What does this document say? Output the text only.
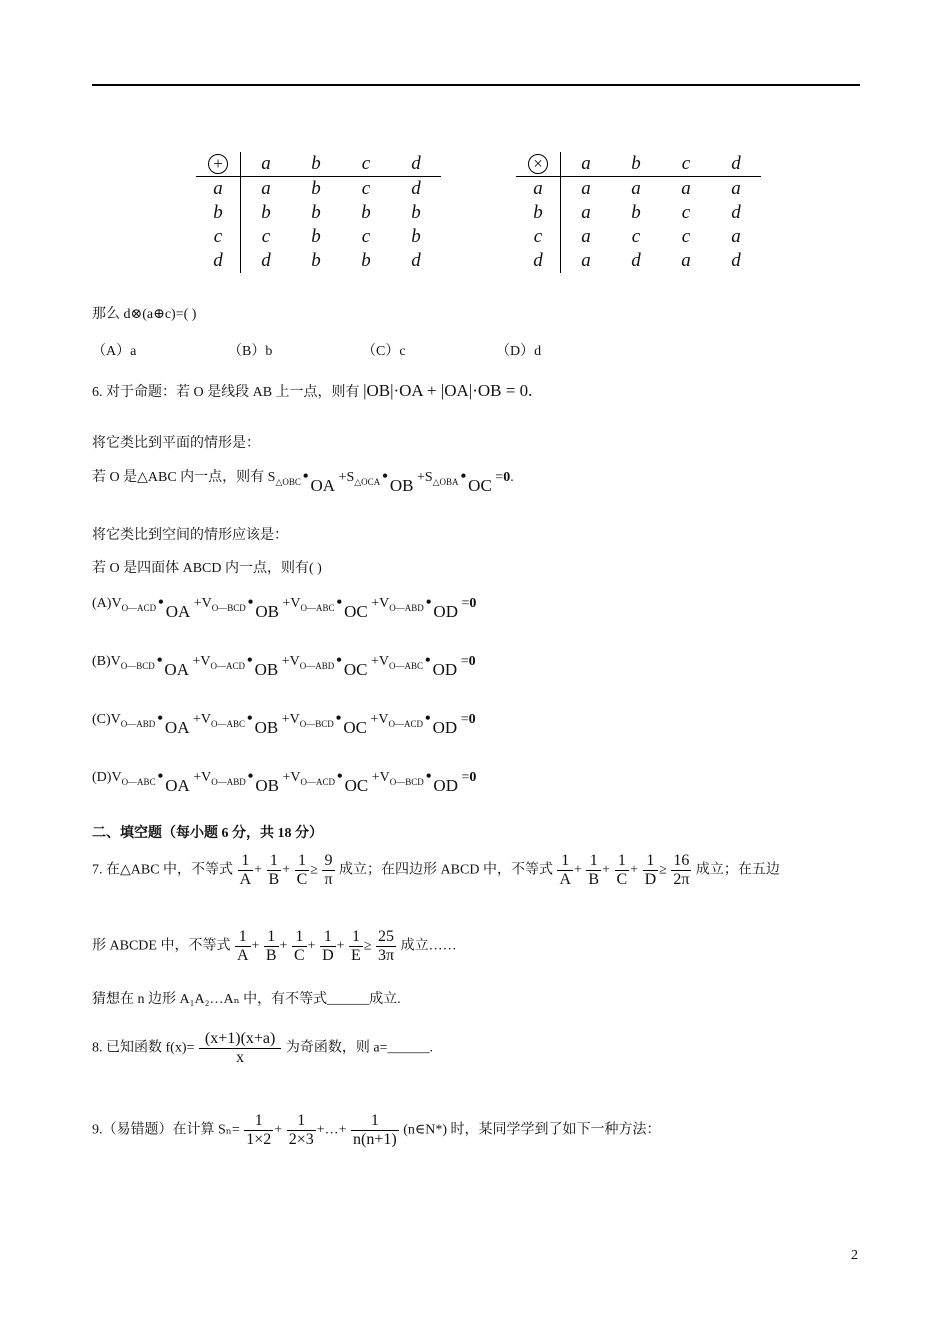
+	a	b	c	d
a	a	b	c	d
b	b	b	b	b
c	c	b	c	b
d	d	b	b	d
×	a	b	c	d
a	a	a	a	a
b	a	b	c	d
c	a	c	c	a
d	a	d	a	d
那么 d⊗(a⊕c)=( )
（A）a	（B）b	（C）c	（D）d
6. 对于命题：若 O 是线段 AB 上一点，则有 |OB|·OA + |OA|·OB = 0.
将它类比到平面的情形是：
若 O 是△ABC 内一点，则有 $S_{\triangle OBC}$ • OA $+S_{\triangle OCA}$ • OB $+S_{\triangle OBA}$ • OC =0.
将它类比到空间的情形应该是：
若 O 是四面体 ABCD 内一点，则有( )
$(A)V_{O—ACD}$ • OA $+V_{O—BCD}$ • OB $+V_{O—ABC}$ • OC $+V_{O—ABD}$ • OD =0
$(B)V_{O—BCD}$ • OA $+V_{O—ACD}$ • OB $+V_{O—ABD}$ • OC $+V_{O—ABC}$ • OD =0
$(C)V_{O—ABD}$ • OA $+V_{O—ABC}$ • OB $+V_{O—BCD}$ • OC $+V_{O—ACD}$ • OD =0
$(D)V_{O—ABC}$ • OA $+V_{O—ABD}$ • OB $+V_{O—ACD}$ • OC $+V_{O—BCD}$ • OD =0
二、填空题（每小题 6 分，共 18 分）
7. 在△ABC 中，不等式 $\frac{1}{A} + \frac{1}{B} + \frac{1}{C} \ge \frac{9}{\pi}$ 成立；在四边形 ABCD 中，不等式 $\frac{1}{A} + \frac{1}{B} + \frac{1}{C} + \frac{1}{D} \ge \frac{16}{2\pi}$ 成立；在五边
形 ABCDE 中，不等式 $\frac{1}{A} + \frac{1}{B} + \frac{1}{C} + \frac{1}{D} + \frac{1}{E} \ge \frac{25}{3\pi}$ 成立……
猜想在 n 边形 A₁A₂…Aₙ 中，有不等式______成立.
8. 已知函数 $f(x)= \frac{(x+1)(x+a)}{x}$ 为奇函数，则 a=______.
9.（易错题）在计算 $S_n= \frac{1}{1\times 2} + \frac{1}{2\times 3}$ +…+ $\frac{1}{n(n+1)}$ (n∈N*) 时，某同学学到了如下一种方法：
2
